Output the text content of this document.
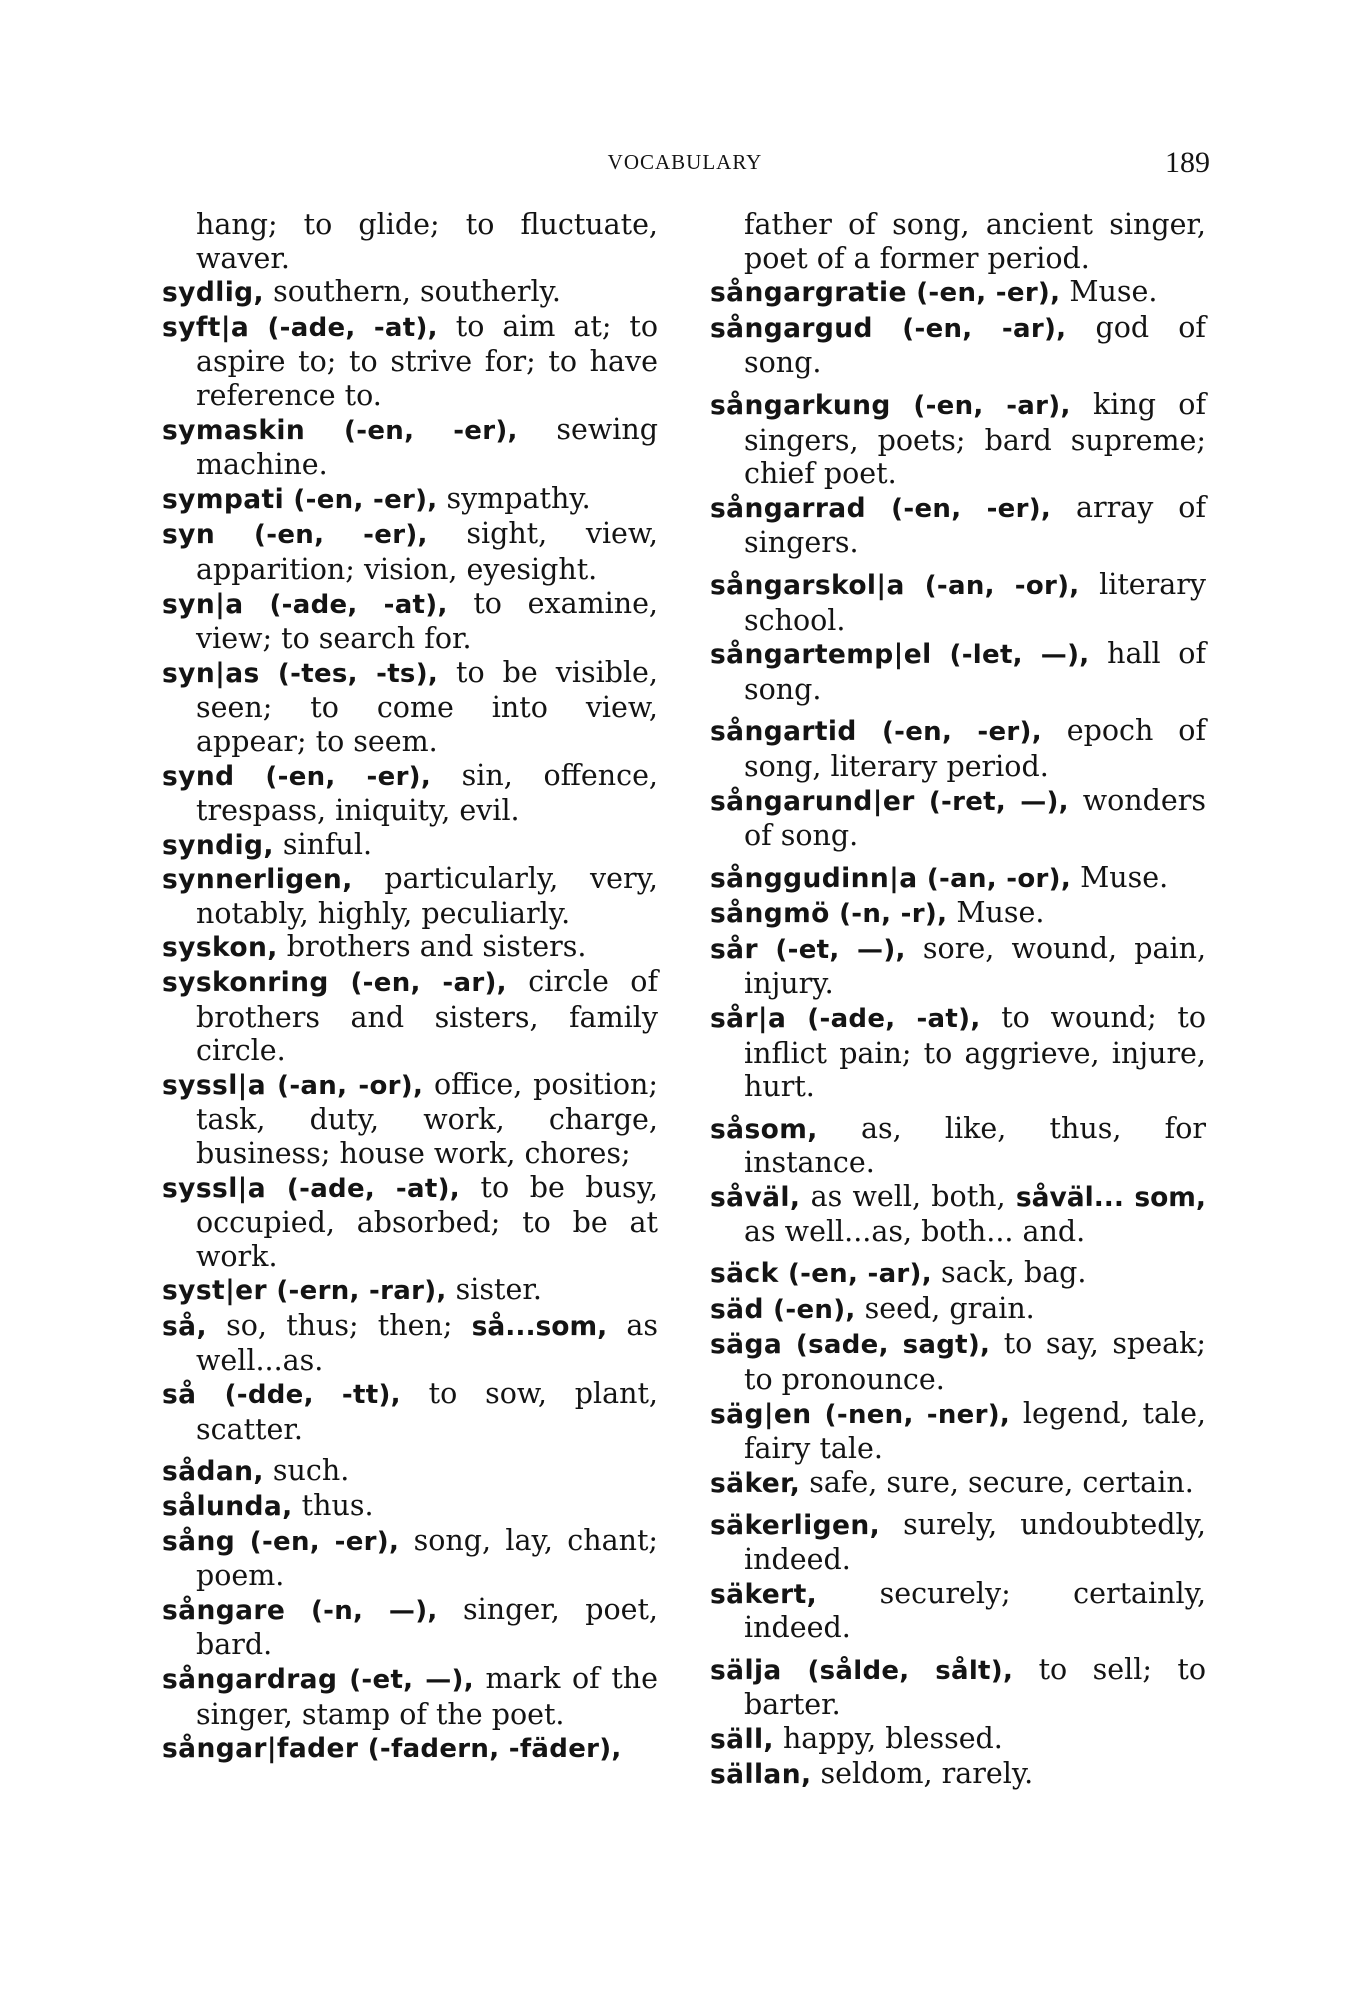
VOCABULARY	189

hang; to glide; to fluctuate, waver.

sydlig, southern, southerly.

syft|a (-ade, -at), to aim at; to aspire to; to strive for; to have reference to.

symaskin (-en, -er), sewing machine.

sympati (-en, -er), sympathy.

syn (-en, -er), sight, view, apparition; vision, eyesight.

syn|a (-ade, -at), to examine, view; to search for.

syn|as (-tes, -ts), to be visible, seen; to come into view, appear; to seem.

synd (-en, -er), sin, offence, trespass, iniquity, evil.

syndig, sinful.

synnerligen, particularly, very, notably, highly, peculiarly.

syskon, brothers and sisters.

syskonring (-en, -ar), circle of brothers and sisters, family circle.

syssl|a (-an, -or), office, position; task, duty, work, charge, business; house work, chores;

syssl|a (-ade, -at), to be busy, occupied, absorbed; to be at work.

syst|er (-ern, -rar), sister.

så, so, thus; then; så...som, as well...as.

så (-dde, -tt), to sow, plant, scatter.

sådan, such.

sålunda, thus.

sång (-en, -er), song, lay, chant; poem.

sångare (-n, —), singer, poet, bard.

sångardrag (-et, —), mark of the singer, stamp of the poet.

sångar|fader (-fadern, -fäder),

father of song, ancient singer, poet of a former period.

sångargratie (-en, -er), Muse.

sångargud (-en, -ar), god of song.

sångarkung (-en, -ar), king of singers, poets; bard supreme; chief poet.

sångarrad (-en, -er), array of singers.

sångarskol|a (-an, -or), literary school.

sångartemp|el (-let, —), hall of song.

sångartid (-en, -er), epoch of song, literary period.

sångarund|er (-ret, —), wonders of song.

sånggudinn|a (-an, -or), Muse.

sångmö (-n, -r), Muse.

sår (-et, —), sore, wound, pain, injury.

sår|a (-ade, -at), to wound; to inflict pain; to aggrieve, injure, hurt.

såsom, as, like, thus, for instance.

såväl, as well, both, såväl... som, as well...as, both... and.

säck (-en, -ar), sack, bag.

säd (-en), seed, grain.

säga (sade, sagt), to say, speak; to pronounce.

säg|en (-nen, -ner), legend, tale, fairy tale.

säker, safe, sure, secure, certain.

säkerligen, surely, undoubtedly, indeed.

säkert, securely; certainly, indeed.

sälja (sålde, sålt), to sell; to barter.

säll, happy, blessed.

sällan, seldom, rarely.
